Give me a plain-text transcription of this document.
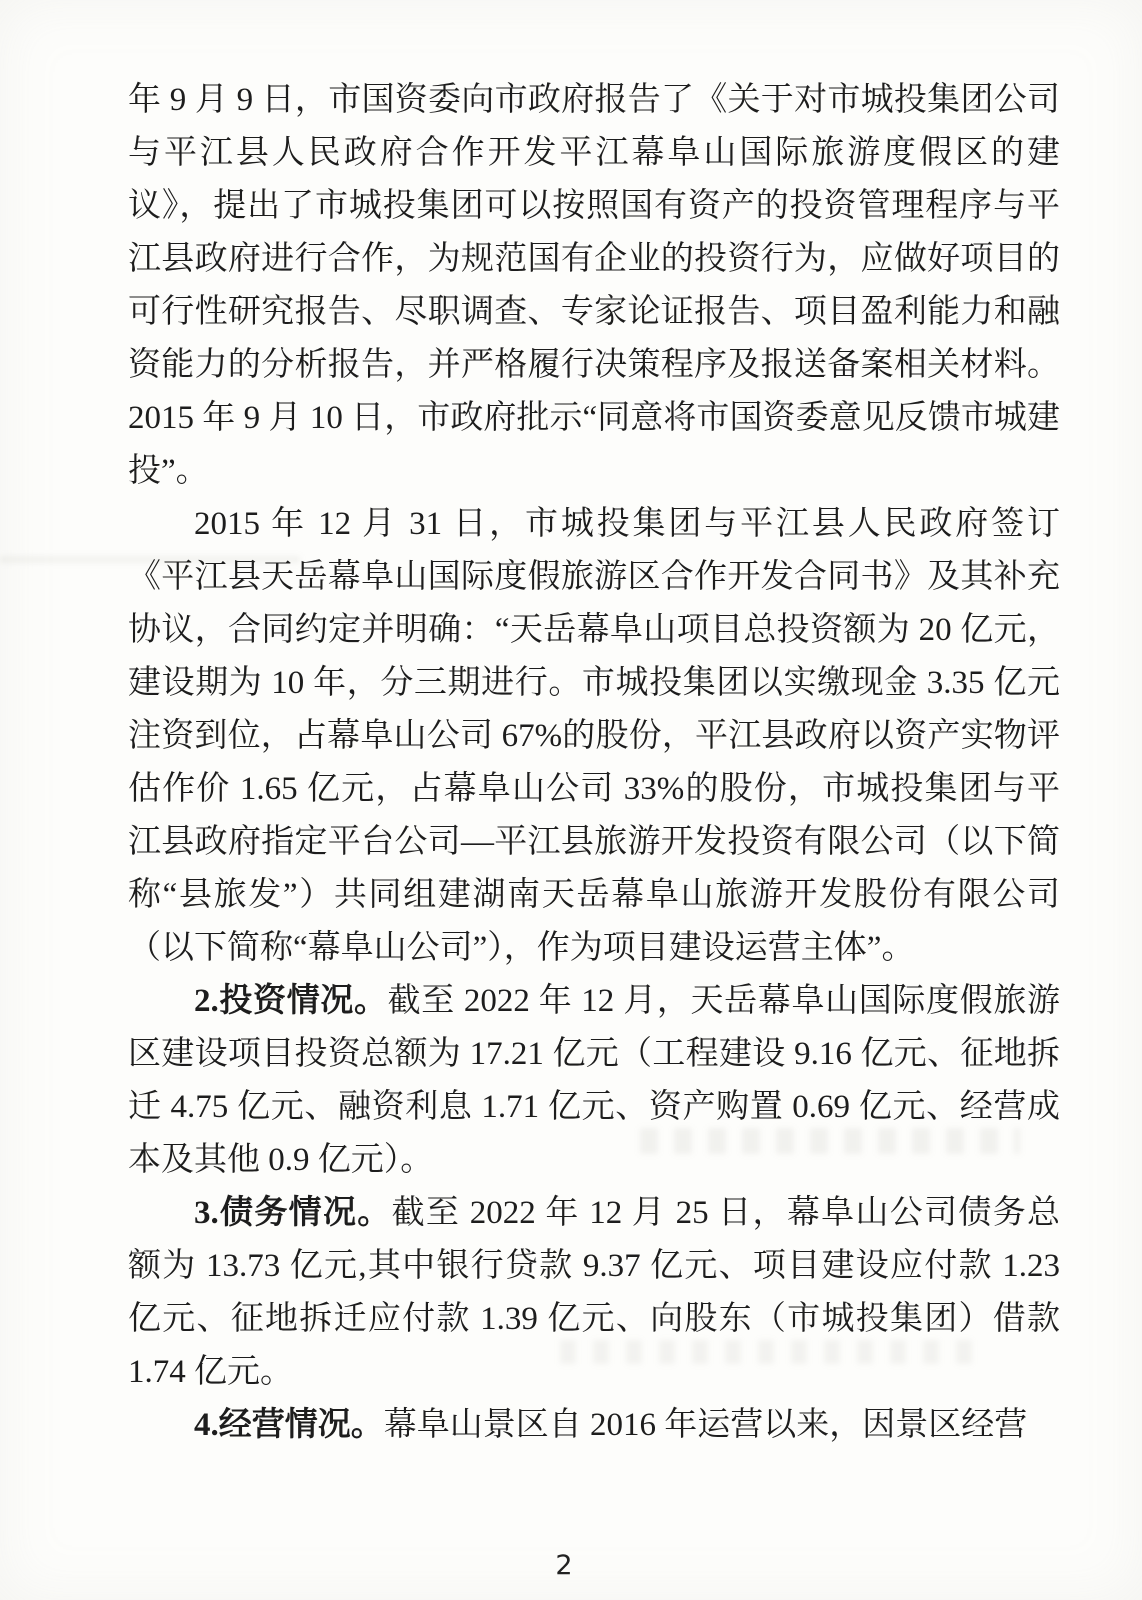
年 9 月 9 日，市国资委向市政府报告了《关于对市城投集团公司与平江县人民政府合作开发平江幕阜山国际旅游度假区的建议》，提出了市城投集团可以按照国有资产的投资管理程序与平江县政府进行合作，为规范国有企业的投资行为，应做好项目的可行性研究报告、尽职调查、专家论证报告、项目盈利能力和融资能力的分析报告，并严格履行决策程序及报送备案相关材料。2015 年 9 月 10 日，市政府批示“同意将市国资委意见反馈市城建投”。

2015 年 12 月 31 日，市城投集团与平江县人民政府签订《平江县天岳幕阜山国际度假旅游区合作开发合同书》及其补充协议，合同约定并明确：“天岳幕阜山项目总投资额为 20 亿元，建设期为 10 年，分三期进行。市城投集团以实缴现金 3.35 亿元注资到位，占幕阜山公司 67%的股份，平江县政府以资产实物评估作价 1.65 亿元，占幕阜山公司 33%的股份，市城投集团与平江县政府指定平台公司—平江县旅游开发投资有限公司（以下简称“县旅发”）共同组建湖南天岳幕阜山旅游开发股份有限公司（以下简称“幕阜山公司”），作为项目建设运营主体”。

2.投资情况。截至 2022 年 12 月，天岳幕阜山国际度假旅游区建设项目投资总额为 17.21 亿元（工程建设 9.16 亿元、征地拆迁 4.75 亿元、融资利息 1.71 亿元、资产购置 0.69 亿元、经营成本及其他 0.9 亿元）。

3.债务情况。截至 2022 年 12 月 25 日，幕阜山公司债务总额为 13.73 亿元,其中银行贷款 9.37 亿元、项目建设应付款 1.23 亿元、征地拆迁应付款 1.39 亿元、向股东（市城投集团）借款 1.74 亿元。

4.经营情况。幕阜山景区自 2016 年运营以来，因景区经营

2
